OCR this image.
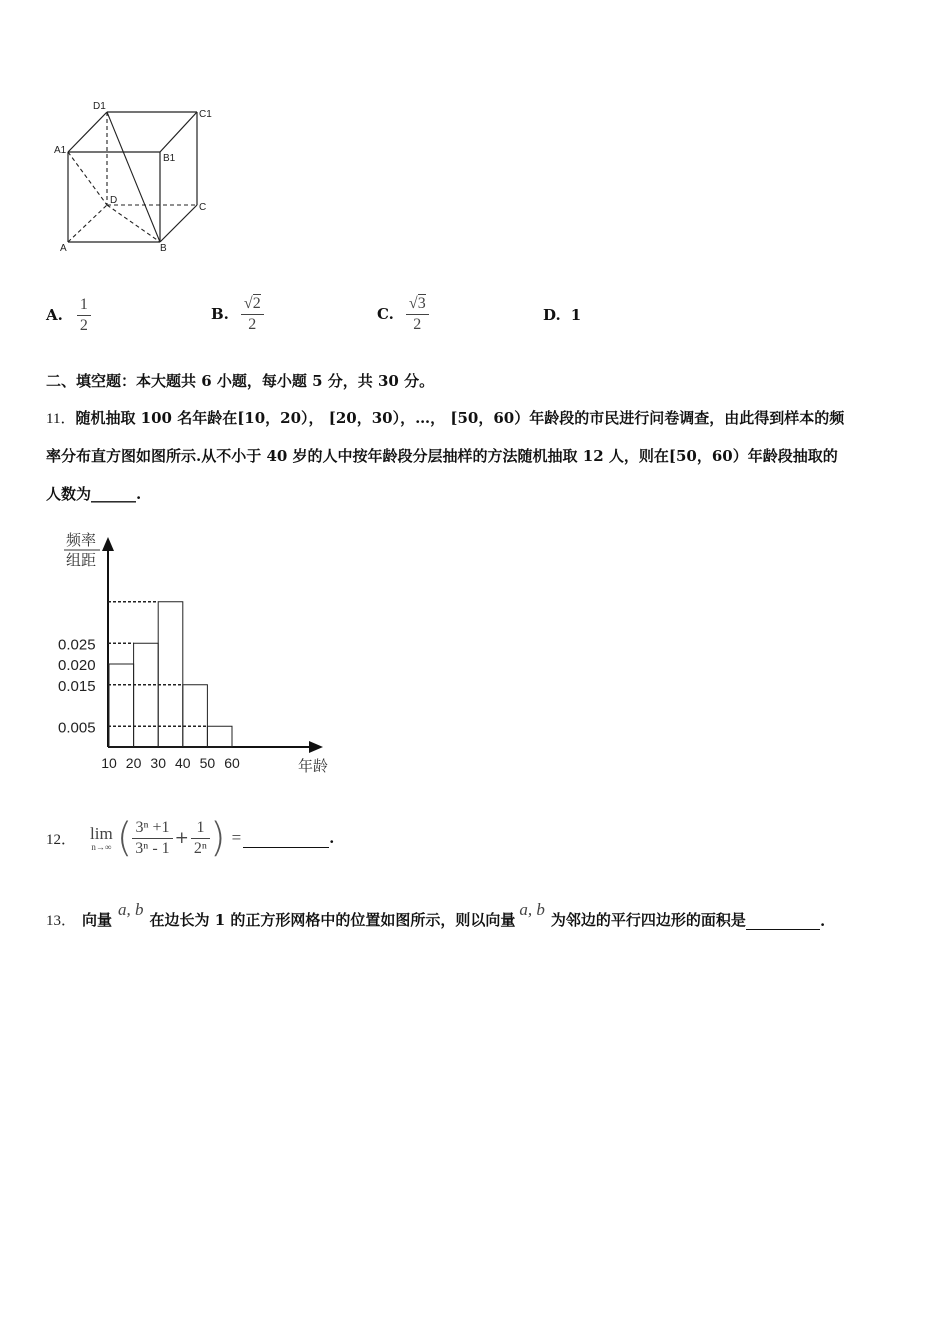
D1
C1
A1
B1
D
C
A	B
A. $\frac{1}{2}$	B. $\frac{√2}{2}$	C. $\frac{√3}{2}$	D. 1
二、填空题：本大题共 6 小题，每小题 5 分，共 30 分。
11．随机抽取 100 名年龄在[10，20）， [20，30），…， [50，60）年龄段的市民进行问卷调查，由此得到样本的频
率分布直方图如图所示.从不小于 40 岁的人中按年龄段分层抽样的方法随机抽取 12 人，则在[50，60）年龄段抽取的
人数为______.
频率
组距
年龄
0.025
0.020
0.015
0.005
10 20 30 40 50 60
12． lim
n→∞ ( $\frac{\text{3ⁿ +1}}{\text{3ⁿ - 1}} + \frac{1}{\text{2ⁿ}}$ ) =	.
13． 向量
a, b
在边长为 1 的正方形网格中的位置如图所示，则以向量
a, b
为邻边的平行四边形的面积是	.
